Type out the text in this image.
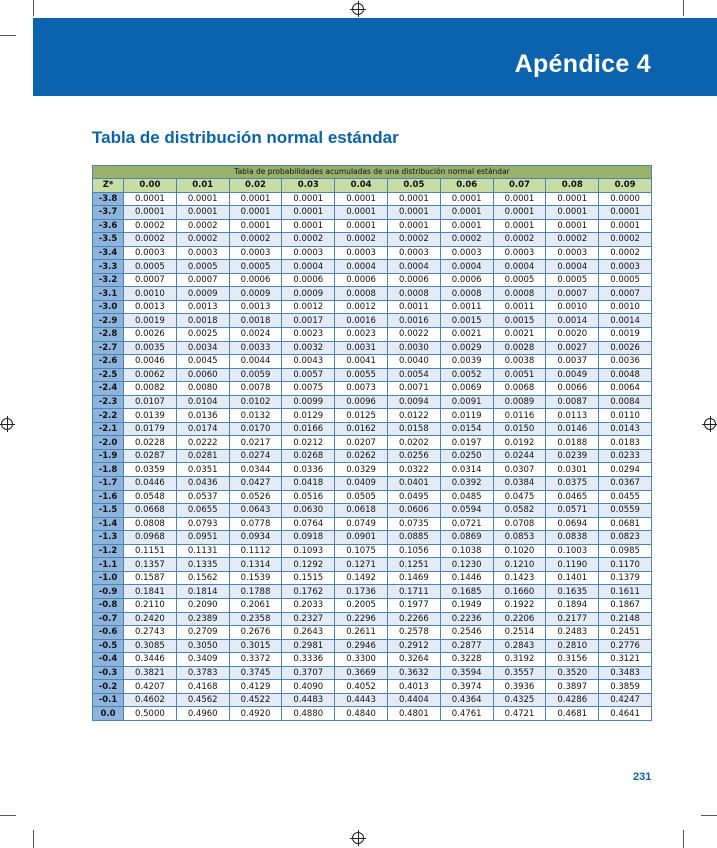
Apéndice 4
Tabla de distribución normal estándar
Tabla de probabilidades acumuladas de una distribución normal estándar										
Z*	0.00	0.01	0.02	0.03	0.04	0.05	0.06	0.07	0.08	0.09
-3.8	0.0001	0.0001	0.0001	0.0001	0.0001	0.0001	0.0001	0.0001	0.0001	0.0000
-3.7	0.0001	0.0001	0.0001	0.0001	0.0001	0.0001	0.0001	0.0001	0.0001	0.0001
-3.6	0.0002	0.0002	0.0001	0.0001	0.0001	0.0001	0.0001	0.0001	0.0001	0.0001
-3.5	0.0002	0.0002	0.0002	0.0002	0.0002	0.0002	0.0002	0.0002	0.0002	0.0002
-3.4	0.0003	0.0003	0.0003	0.0003	0.0003	0.0003	0.0003	0.0003	0.0003	0.0002
-3.3	0.0005	0.0005	0.0005	0.0004	0.0004	0.0004	0.0004	0.0004	0.0004	0.0003
-3.2	0.0007	0.0007	0.0006	0.0006	0.0006	0.0006	0.0006	0.0005	0.0005	0.0005
-3.1	0.0010	0.0009	0.0009	0.0009	0.0008	0.0008	0.0008	0.0008	0.0007	0.0007
-3.0	0.0013	0.0013	0.0013	0.0012	0.0012	0.0011	0.0011	0.0011	0.0010	0.0010
-2.9	0.0019	0.0018	0.0018	0.0017	0.0016	0.0016	0.0015	0.0015	0.0014	0.0014
-2.8	0.0026	0.0025	0.0024	0.0023	0.0023	0.0022	0.0021	0.0021	0.0020	0.0019
-2.7	0.0035	0.0034	0.0033	0.0032	0.0031	0.0030	0.0029	0.0028	0.0027	0.0026
-2.6	0.0046	0.0045	0.0044	0.0043	0.0041	0.0040	0.0039	0.0038	0.0037	0.0036
-2.5	0.0062	0.0060	0.0059	0.0057	0.0055	0.0054	0.0052	0.0051	0.0049	0.0048
-2.4	0.0082	0.0080	0.0078	0.0075	0.0073	0.0071	0.0069	0.0068	0.0066	0.0064
-2.3	0.0107	0.0104	0.0102	0.0099	0.0096	0.0094	0.0091	0.0089	0.0087	0.0084
-2.2	0.0139	0.0136	0.0132	0.0129	0.0125	0.0122	0.0119	0.0116	0.0113	0.0110
-2.1	0.0179	0.0174	0.0170	0.0166	0.0162	0.0158	0.0154	0.0150	0.0146	0.0143
-2.0	0.0228	0.0222	0.0217	0.0212	0.0207	0.0202	0.0197	0.0192	0.0188	0.0183
-1.9	0.0287	0.0281	0.0274	0.0268	0.0262	0.0256	0.0250	0.0244	0.0239	0.0233
-1.8	0.0359	0.0351	0.0344	0.0336	0.0329	0.0322	0.0314	0.0307	0.0301	0.0294
-1.7	0.0446	0.0436	0.0427	0.0418	0.0409	0.0401	0.0392	0.0384	0.0375	0.0367
-1.6	0.0548	0.0537	0.0526	0.0516	0.0505	0.0495	0.0485	0.0475	0.0465	0.0455
-1.5	0.0668	0.0655	0.0643	0.0630	0.0618	0.0606	0.0594	0.0582	0.0571	0.0559
-1.4	0.0808	0.0793	0.0778	0.0764	0.0749	0.0735	0.0721	0.0708	0.0694	0.0681
-1.3	0.0968	0.0951	0.0934	0.0918	0.0901	0.0885	0.0869	0.0853	0.0838	0.0823
-1.2	0.1151	0.1131	0.1112	0.1093	0.1075	0.1056	0.1038	0.1020	0.1003	0.0985
-1.1	0.1357	0.1335	0.1314	0.1292	0.1271	0.1251	0.1230	0.1210	0.1190	0.1170
-1.0	0.1587	0.1562	0.1539	0.1515	0.1492	0.1469	0.1446	0.1423	0.1401	0.1379
-0.9	0.1841	0.1814	0.1788	0.1762	0.1736	0.1711	0.1685	0.1660	0.1635	0.1611
-0.8	0.2110	0.2090	0.2061	0.2033	0.2005	0.1977	0.1949	0.1922	0.1894	0.1867
-0.7	0.2420	0.2389	0.2358	0.2327	0.2296	0.2266	0.2236	0.2206	0.2177	0.2148
-0.6	0.2743	0.2709	0.2676	0.2643	0.2611	0.2578	0.2546	0.2514	0.2483	0.2451
-0.5	0.3085	0.3050	0.3015	0.2981	0.2946	0.2912	0.2877	0.2843	0.2810	0.2776
-0.4	0.3446	0.3409	0.3372	0.3336	0.3300	0.3264	0.3228	0.3192	0.3156	0.3121
-0.3	0.3821	0.3783	0.3745	0.3707	0.3669	0.3632	0.3594	0.3557	0.3520	0.3483
-0.2	0.4207	0.4168	0.4129	0.4090	0.4052	0.4013	0.3974	0.3936	0.3897	0.3859
-0.1	0.4602	0.4562	0.4522	0.4483	0.4443	0.4404	0.4364	0.4325	0.4286	0.4247
0.0	0.5000	0.4960	0.4920	0.4880	0.4840	0.4801	0.4761	0.4721	0.4681	0.4641
231
